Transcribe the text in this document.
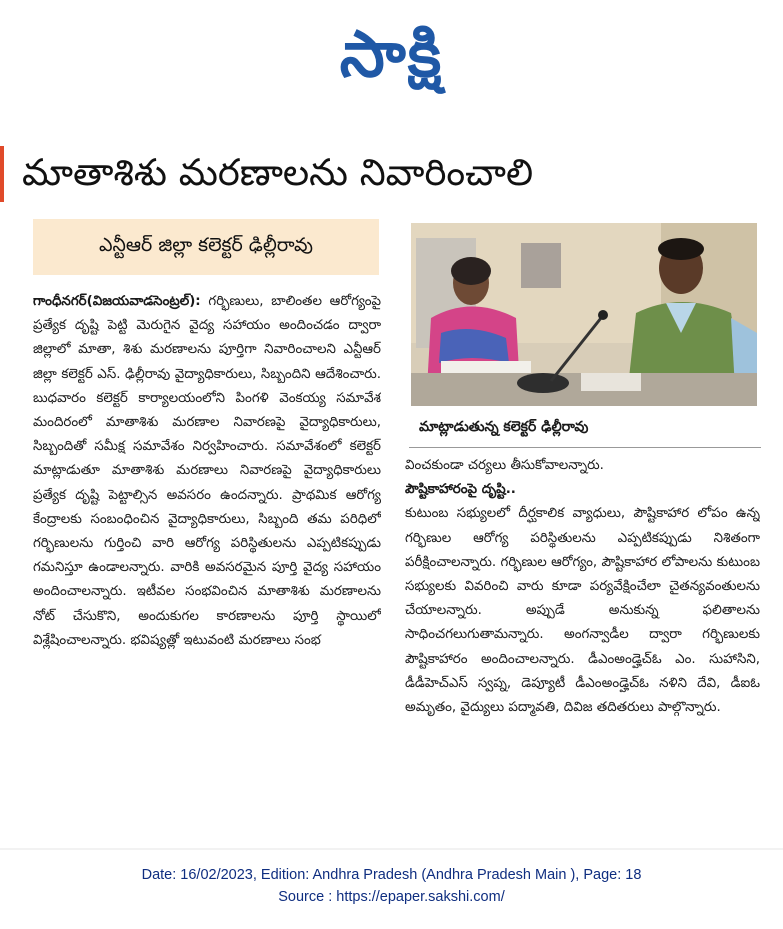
సాక్షి
మాతాశిశు మరణాలను నివారించాలి
ఎన్టీఆర్ జిల్లా కలెక్టర్ ఢిల్లీరావు
గాంధీనగర్(విజయవాడసెంట్రల్): గర్భిణులు, బాలింతల ఆరోగ్యంపై ప్రత్యేక దృష్టి పెట్టి మెరుగైన వైద్య సహాయం అందించడం ద్వారా జిల్లాలో మాతా, శిశు మరణాలను పూర్తిగా నివారించాలని ఎన్టీఆర్ జిల్లా కలెక్టర్ ఎస్. ఢిల్లీరావు వైద్యాధికారులు, సిబ్బందిని ఆదేశించారు. బుధవారం కలెక్టర్ కార్యాలయంలోని పింగళి వెంకయ్య సమావేశ మందిరంలో మాతాశిశు మరణాల నివారణపై వైద్యాధికారులు, సిబ్బందితో సమీక్ష సమావేశం నిర్వహించారు. సమావేశంలో కలెక్టర్ మాట్లాడుతూ మాతాశిశు మరణాలు నివారణపై వైద్యాధికారులు ప్రత్యేక దృష్టి పెట్టాల్సిన అవసరం ఉందన్నారు. ప్రాథమిక ఆరోగ్య కేంద్రాలకు సంబంధించిన వైద్యాధికారులు, సిబ్బంది తమ పరిధిలో గర్భిణులను గుర్తించి వారి ఆరోగ్య పరిస్థితులను ఎప్పటికప్పుడు గమనిస్తూ ఉండాలన్నారు. వారికి అవసరమైన పూర్తి వైద్య సహాయం అందించాలన్నారు. ఇటీవల సంభవించిన మాతాశిశు మరణాలను నోట్ చేసుకొని, అందుకుగల కారణాలను పూర్తి స్థాయిలో విశ్లేషించాలన్నారు. భవిష్యత్లో ఇటువంటి మరణాలు సంభ
మాట్లాడుతున్న కలెక్టర్ ఢిల్లీరావు
వించకుండా చర్యలు తీసుకోవాలన్నారు.
పౌష్టికాహారంపై దృష్టి..
కుటుంబ సభ్యులలో దీర్ఘకాలిక వ్యాధులు, పౌష్టికాహార లోపం ఉన్న గర్భిణుల ఆరోగ్య పరిస్థితులను ఎప్పటికప్పుడు నిశితంగా పరీక్షించాలన్నారు. గర్భిణుల ఆరోగ్యం, పౌష్టికాహార లోపాలను కుటుంబ సభ్యులకు వివరించి వారు కూడా పర్యవేక్షించేలా చైతన్యవంతులను చేయాలన్నారు. అప్పుడే అనుకున్న ఫలితాలను సాధించగలుగుతామన్నారు. అంగన్వాడీల ద్వారా గర్భిణులకు పౌష్టికాహారం అందించాలన్నారు. డీఎంఅండ్హెచ్ఓ ఎం. సుహాసిని, డీడీహెచ్ఎస్ స్వప్న, డెప్యూటీ డీఎంఅండ్హెచ్ఓ నళిని దేవి, డీఐఓ అమృతం, వైద్యులు పద్మావతి, దివిజ తదితరులు పాల్గొన్నారు.
Date: 16/02/2023, Edition: Andhra Pradesh (Andhra Pradesh Main ), Page: 18
Source : https://epaper.sakshi.com/
